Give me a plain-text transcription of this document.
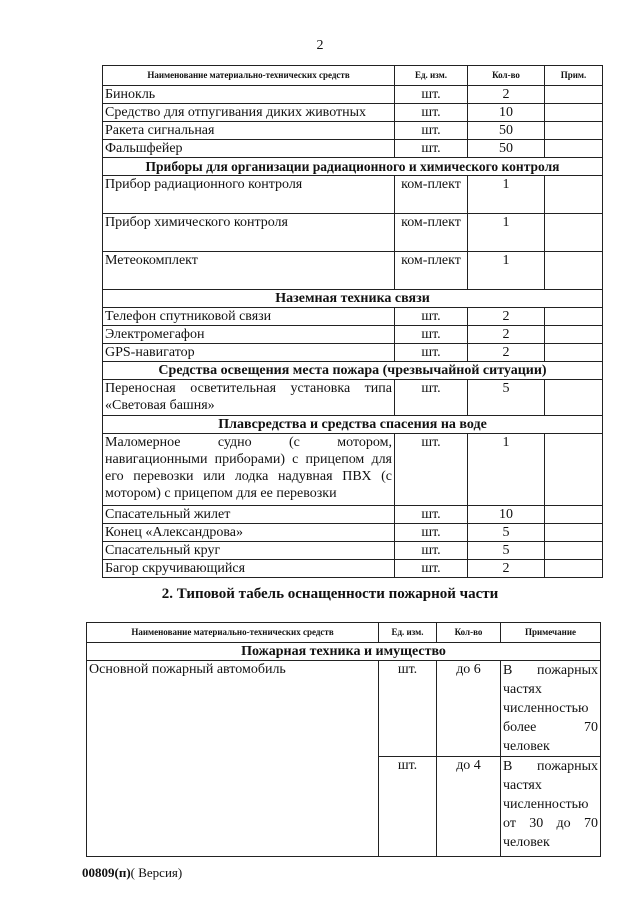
2
Наименование материально-технических средств	Ед. изм.	Кол-во	Прим.
Бинокль	шт.	2	
Средство для отпугивания диких животных	шт.	10	
Ракета сигнальная	шт.	50	
Фальшфейер	шт.	50	
Приборы для организации радиационного и химического контроля			
Прибор радиационного контроля	ком-плект	1	
Прибор химического контроля	ком-плект	1	
Метеокомплект	ком-плект	1	
Наземная техника связи			
Телефон спутниковой связи	шт.	2	
Электромегафон	шт.	2	
GPS-навигатор	шт.	2	
Средства освещения места пожара (чрезвычайной ситуации)			
Переносная осветительная установка типа «Световая башня»	шт.	5	
Плавсредства и средства спасения на воде			
Маломерное судно (с мотором, навигационными приборами) с прицепом для его перевозки или лодка надувная ПВХ (с мотором) с прицепом для ее перевозки	шт.	1	
Спасательный жилет	шт.	10	
Конец «Александрова»	шт.	5	
Спасательный круг	шт.	5	
Багор скручивающийся	шт.	2	
2. Типовой табель оснащенности пожарной части
Наименование материально-технических средств	Ед. изм.	Кол-во	Примечание
Пожарная техника и имущество			
Основной пожарный автомобиль	шт.	до 6	В пожарных частях численностью более 70 человек
	шт.	до 4	В пожарных частях численностью от 30 до 70 человек
00809(п)( Версия)
